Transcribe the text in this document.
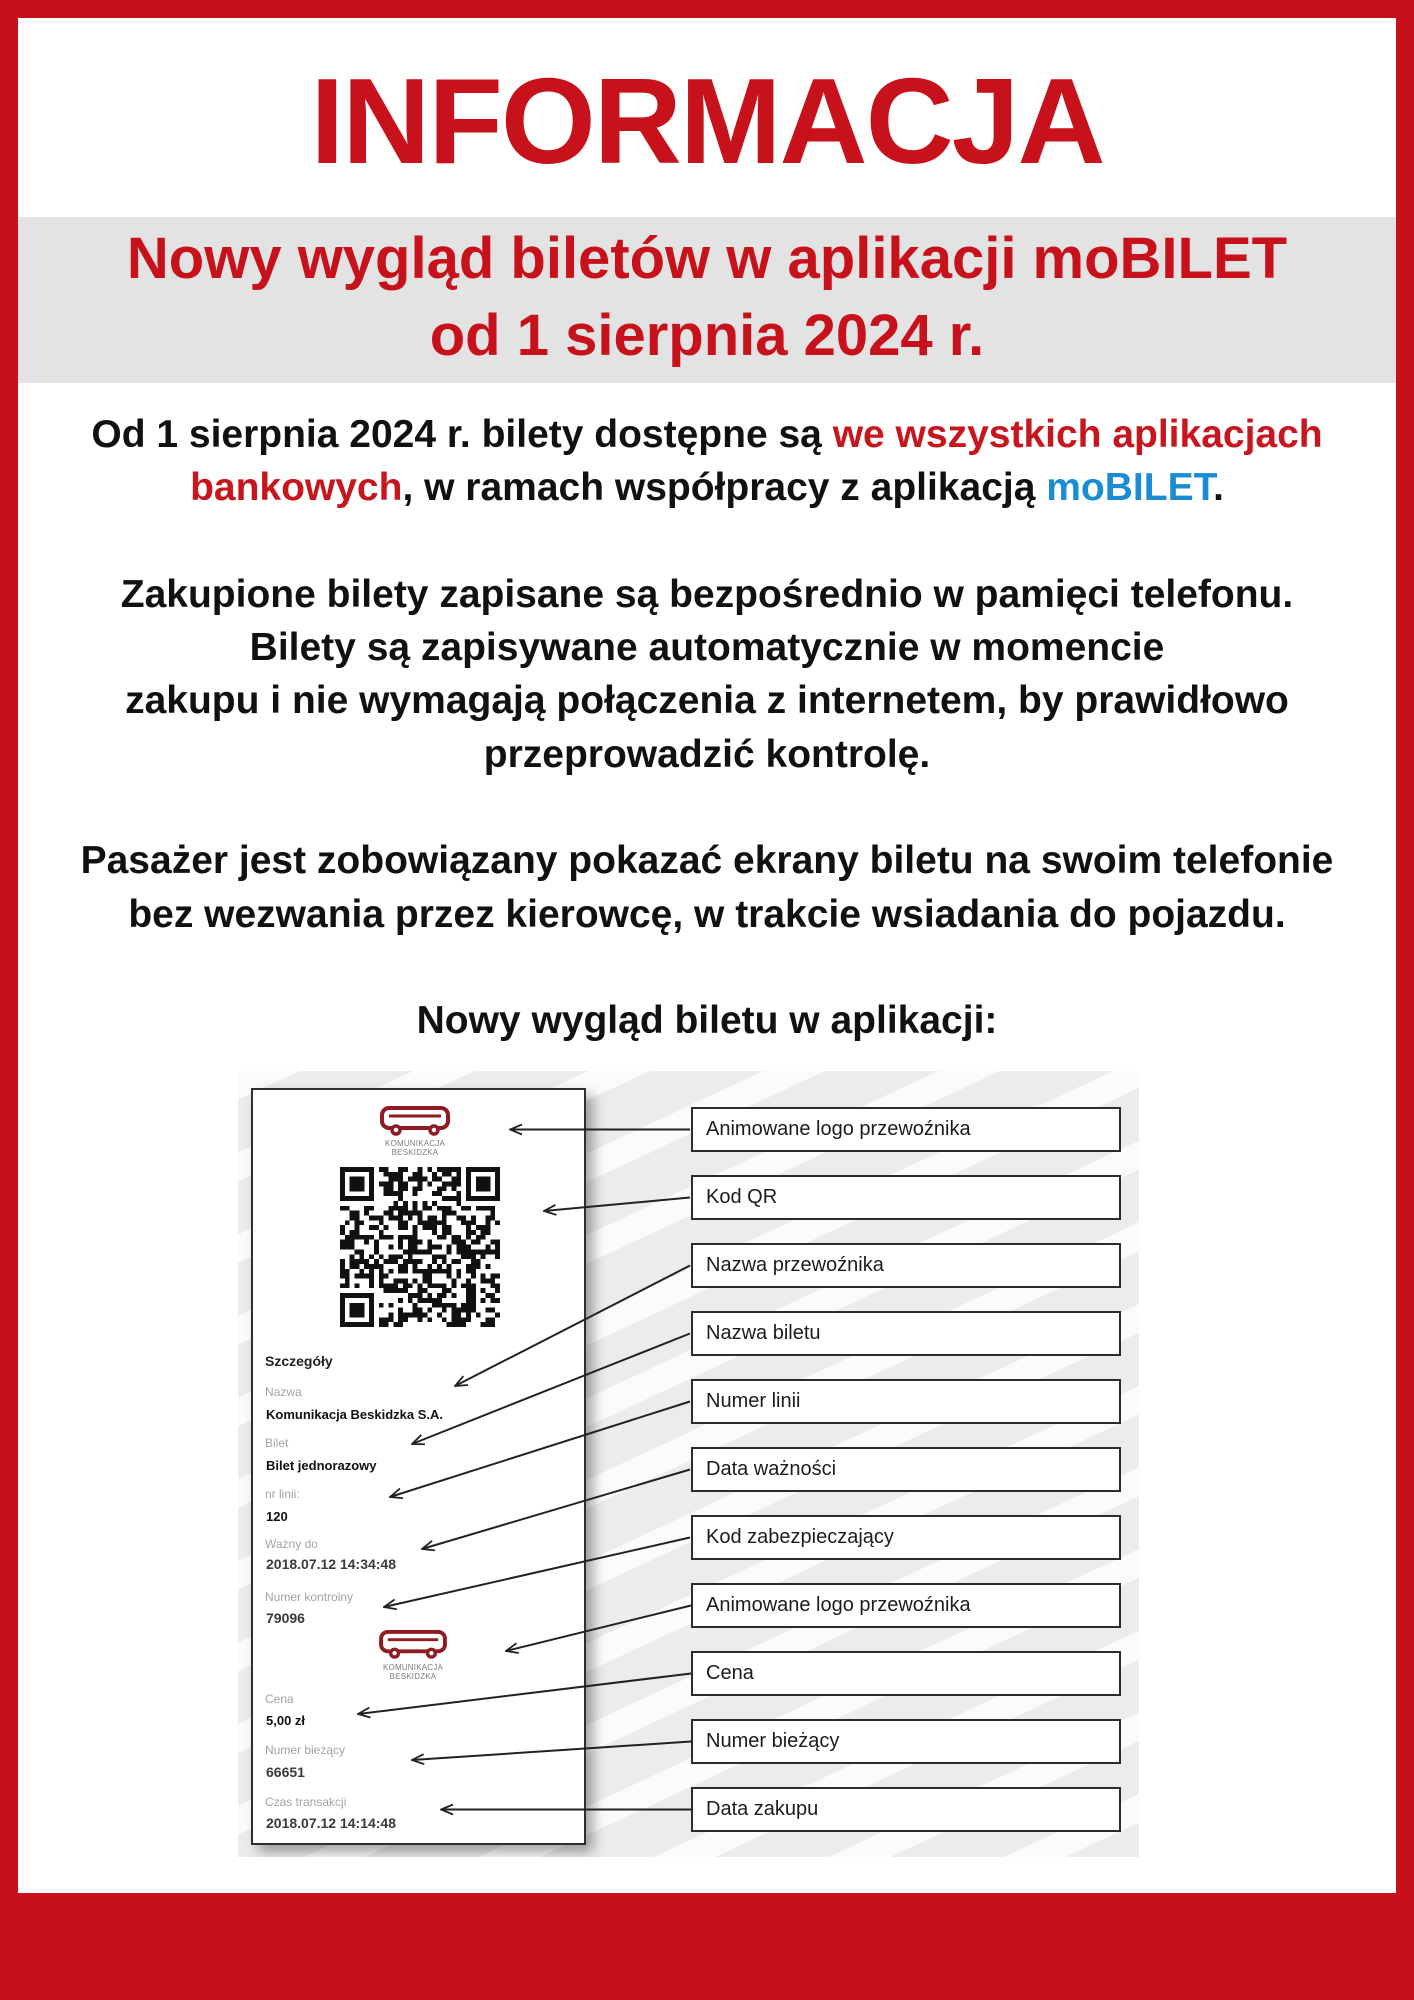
INFORMACJA
Nowy wygląd biletów w aplikacji moBILET
od 1 sierpnia 2024 r.
Od 1 sierpnia 2024 r. bilety dostępne są we wszystkich aplikacjach
bankowych, w ramach współpracy z aplikacją moBILET.
Zakupione bilety zapisane są bezpośrednio w pamięci telefonu.
Bilety są zapisywane automatycznie w momencie
zakupu i nie wymagają połączenia z internetem, by prawidłowo
przeprowadzić kontrolę.
Pasażer jest zobowiązany pokazać ekrany biletu na swoim telefonie
bez wezwania przez kierowcę, w trakcie wsiadania do pojazdu.
Nowy wygląd biletu w aplikacji:
KOMUNIKACJA
BESKIDZKA
Szczegóły
Nazwa
Komunikacja Beskidzka S.A.
Bilet
Bilet jednorazowy
nr linii:
120
Ważny do
2018.07.12 14:34:48
Numer kontrolny
79096
KOMUNIKACJA
BESKIDZKA
Cena
5,00 zł
Numer bieżący
66651
Czas transakcji
2018.07.12 14:14:48
Animowane logo przewoźnika
Kod QR
Nazwa przewoźnika
Nazwa biletu
Numer linii
Data ważności
Kod zabezpieczający
Animowane logo przewoźnika
Cena
Numer bieżący
Data zakupu
